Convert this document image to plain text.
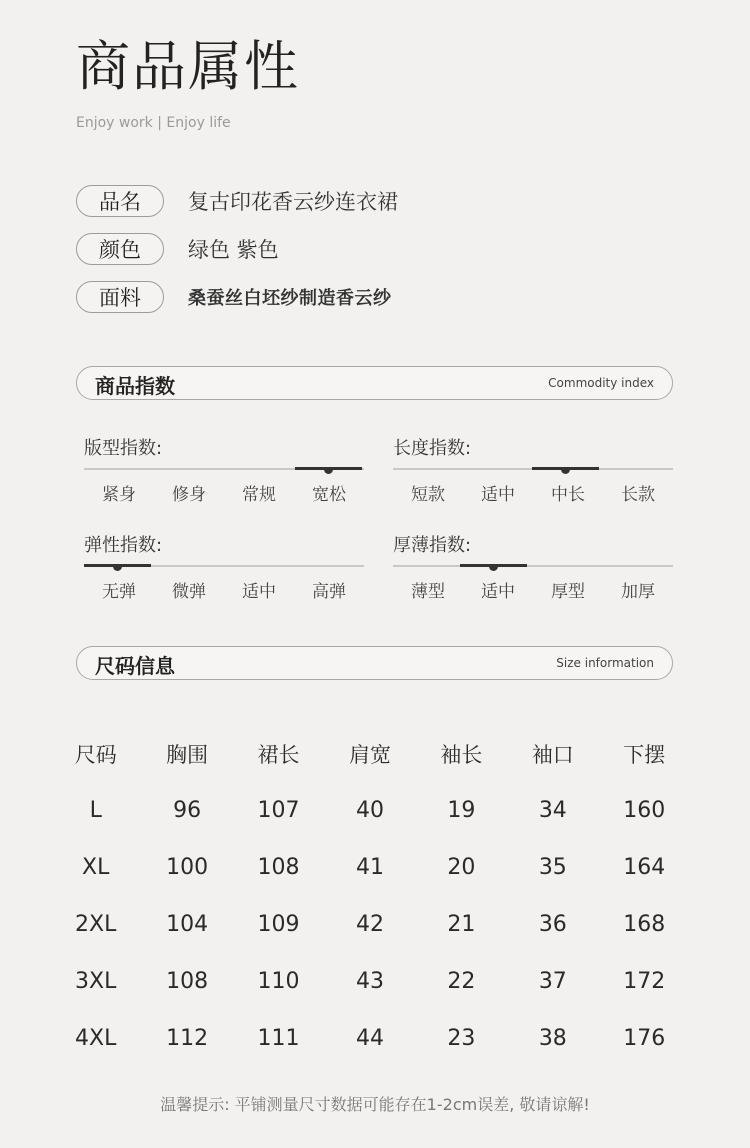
商品属性
Enjoy work | Enjoy life
品名	复古印花香云纱连衣裙
颜色	绿色 紫色
面料	桑蚕丝白坯纱制造香云纱
商品指数	Commodity index
版型指数:
紧身	修身	常规	宽松
长度指数:
短款	适中	中长	长款
弹性指数:
无弹	微弹	适中	高弹
厚薄指数:
薄型	适中	厚型	加厚
尺码信息	Size information
尺码	胸围	裙长	肩宽	袖长	袖口	下摆
L	96	107	40	19	34	160
XL	100	108	41	20	35	164
2XL	104	109	42	21	36	168
3XL	108	110	43	22	37	172
4XL	112	111	44	23	38	176
温馨提示: 平铺测量尺寸数据可能存在1-2cm误差, 敬请谅解!
